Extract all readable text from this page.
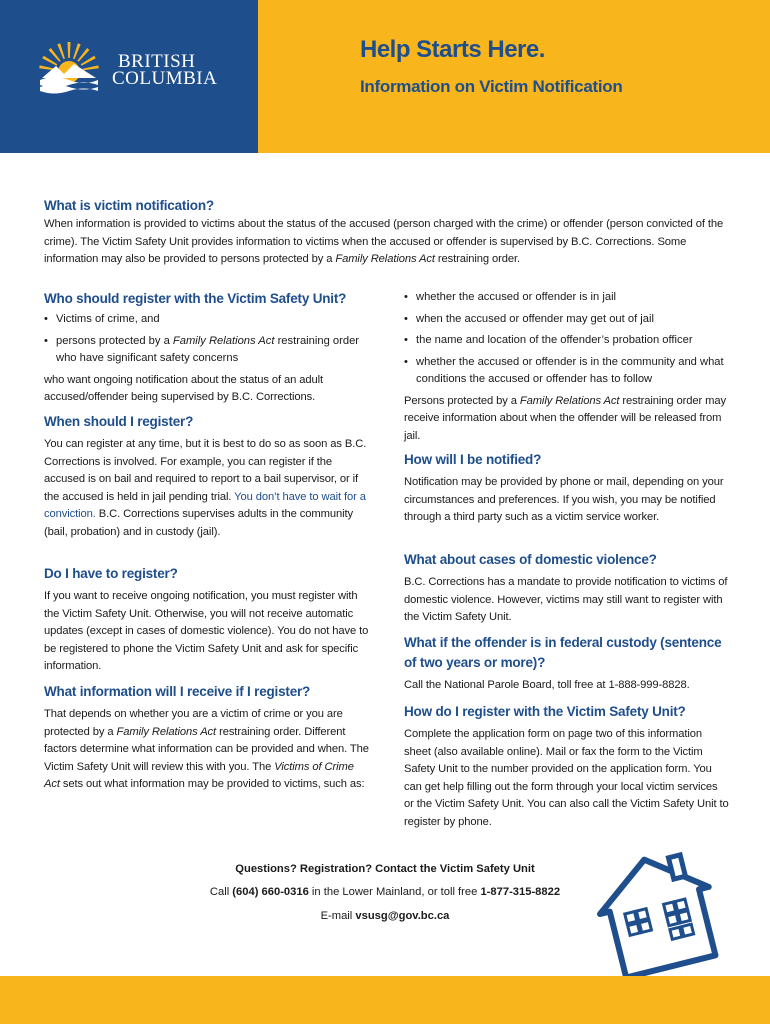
BRITISH
COLUMBIA
Help Starts Here.
Information on Victim Notification
What is victim notification?

When information is provided to victims about the status of the accused (person charged with the crime) or offender (person convicted of the crime). The Victim Safety Unit provides information to victims when the accused or offender is supervised by B.C. Corrections. Some information may also be provided to persons protected by a Family Relations Act restraining order.

Who should register with the Victim Safety Unit?
• Victims of crime, and
• persons protected by a Family Relations Act restraining order who have significant safety concerns

who want ongoing notification about the status of an adult accused/offender being supervised by B.C. Corrections.

When should I register?

You can register at any time, but it is best to do so as soon as B.C. Corrections is involved. For example, you can register if the accused is on bail and required to report to a bail supervisor, or if the accused is held in jail pending trial. You don’t have to wait for a conviction. B.C. Corrections supervises adults in the community (bail, probation) and in custody (jail).

Do I have to register?

If you want to receive ongoing notification, you must register with the Victim Safety Unit. Otherwise, you will not receive automatic updates (except in cases of domestic violence). You do not have to be registered to phone the Victim Safety Unit and ask for specific information.

What information will I receive if I register?

That depends on whether you are a victim of crime or you are protected by a Family Relations Act restraining order. Different factors determine what information can be provided and when. The Victim Safety Unit will review this with you. The Victims of Crime Act sets out what information may be provided to victims, such as:

• whether the accused or offender is in jail
• when the accused or offender may get out of jail
• the name and location of the offender’s probation officer
• whether the accused or offender is in the community and what conditions the accused or offender has to follow

Persons protected by a Family Relations Act restraining order may receive information about when the offender will be released from jail.

How will I be notified?

Notification may be provided by phone or mail, depending on your circumstances and preferences. If you wish, you may be notified through a third party such as a victim service worker.

What about cases of domestic violence?

B.C. Corrections has a mandate to provide notification to victims of domestic violence. However, victims may still want to register with the Victim Safety Unit.

What if the offender is in federal custody (sentence of two years or more)?

Call the National Parole Board, toll free at 1-888-999-8828.

How do I register with the Victim Safety Unit?

Complete the application form on page two of this information sheet (also available online). Mail or fax the form to the Victim Safety Unit to the number provided on the application form. You can get help filling out the form through your local victim services or the Victim Safety Unit. You can also call the Victim Safety Unit to register by phone.

Questions? Registration? Contact the Victim Safety Unit
Call (604) 660-0316 in the Lower Mainland, or toll free 1-877-315-8822
E-mail vsusg@gov.bc.ca
